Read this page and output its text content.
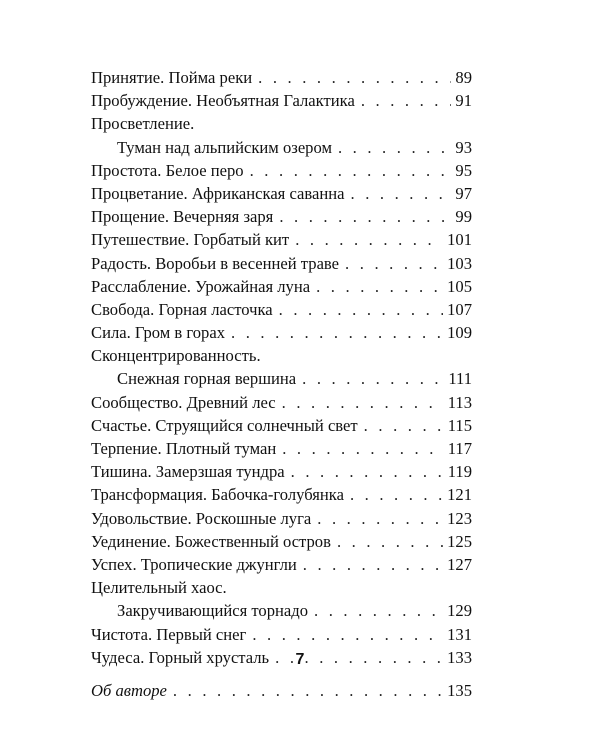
Принятие. Пойма реки . . .	89
Пробуждение. Необъятная Галактика . . .	91
Просветление.
Туман над альпийским озером . . .	93
Простота. Белое перо . . .	95
Процветание. Африканская саванна . . .	97
Прощение. Вечерняя заря . . .	99
Путешествие. Горбатый кит . . .	101
Радость. Воробьи в весенней траве . . .	103
Расслабление. Урожайная луна . . .	105
Свобода. Горная ласточка . . .	107
Сила. Гром в горах . . .	109
Сконцентрированность.
Снежная горная вершина . . .	111
Сообщество. Древний лес . . .	113
Счастье. Струящийся солнечный свет . . .	115
Терпение. Плотный туман . . .	117
Тишина. Замерзшая тундра . . .	119
Трансформация. Бабочка-голубянка . . .	121
Удовольствие. Роскошные луга . . .	123
Уединение. Божественный остров . . .	125
Успех. Тропические джунгли . . .	127
Целительный хаос.
Закручивающийся торнадо . . .	129
Чистота. Первый снег . . .	131
Чудеса. Горный хрусталь . . .	133
Об авторе . . .	135
7
